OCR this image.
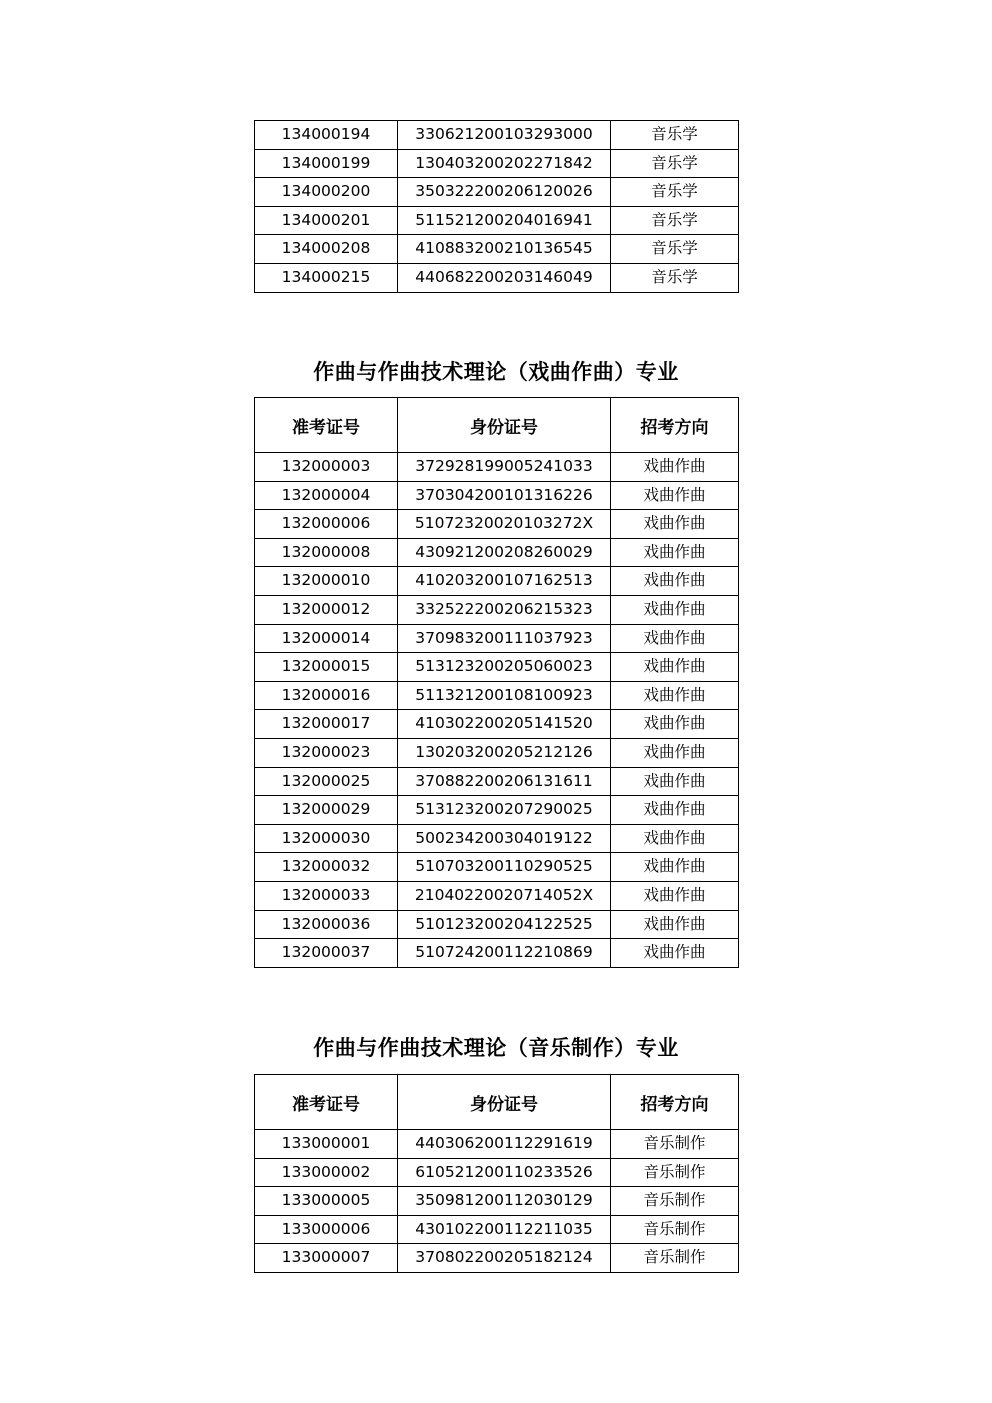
134000194	330621200103293000	音乐学
134000199	130403200202271842	音乐学
134000200	350322200206120026	音乐学
134000201	511521200204016941	音乐学
134000208	410883200210136545	音乐学
134000215	440682200203146049	音乐学
作曲与作曲技术理论（戏曲作曲）专业
准考证号	身份证号	招考方向
132000003	372928199005241033	戏曲作曲
132000004	370304200101316226	戏曲作曲
132000006	51072320020103272X	戏曲作曲
132000008	430921200208260029	戏曲作曲
132000010	410203200107162513	戏曲作曲
132000012	332522200206215323	戏曲作曲
132000014	370983200111037923	戏曲作曲
132000015	513123200205060023	戏曲作曲
132000016	511321200108100923	戏曲作曲
132000017	410302200205141520	戏曲作曲
132000023	130203200205212126	戏曲作曲
132000025	370882200206131611	戏曲作曲
132000029	513123200207290025	戏曲作曲
132000030	500234200304019122	戏曲作曲
132000032	510703200110290525	戏曲作曲
132000033	21040220020714052X	戏曲作曲
132000036	510123200204122525	戏曲作曲
132000037	510724200112210869	戏曲作曲
作曲与作曲技术理论（音乐制作）专业
准考证号	身份证号	招考方向
133000001	440306200112291619	音乐制作
133000002	610521200110233526	音乐制作
133000005	350981200112030129	音乐制作
133000006	430102200112211035	音乐制作
133000007	370802200205182124	音乐制作
